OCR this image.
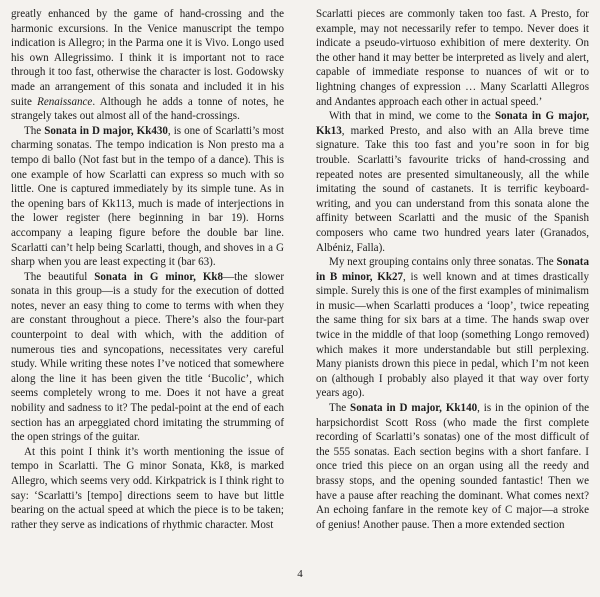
greatly enhanced by the game of hand-crossing and the harmonic excursions. In the Venice manuscript the tempo indication is Allegro; in the Parma one it is Vivo. Longo used his own Allegrissimo. I think it is important not to race through it too fast, otherwise the character is lost. Godowsky made an arrangement of this sonata and included it in his suite Renaissance. Although he adds a tonne of notes, he strangely takes out almost all of the hand-crossings.

The Sonata in D major, Kk430, is one of Scarlatti’s most charming sonatas. The tempo indication is Non presto ma a tempo di ballo (Not fast but in the tempo of a dance). This is one example of how Scarlatti can express so much with so little. One is captured immediately by its simple tune. As in the opening bars of Kk113, much is made of interjections in the lower register (here beginning in bar 19). Horns accompany a leaping figure before the double bar line. Scarlatti can’t help being Scarlatti, though, and shoves in a G sharp when you are least expecting it (bar 63).

The beautiful Sonata in G minor, Kk8—the slower sonata in this group—is a study for the execution of dotted notes, never an easy thing to come to terms with when they are constant throughout a piece. There’s also the four-part counterpoint to deal with which, with the addition of numerous ties and syncopations, necessitates very careful study. While writing these notes I’ve noticed that somewhere along the line it has been given the title ‘Bucolic’, which seems completely wrong to me. Does it not have a great nobility and sadness to it? The pedal-point at the end of each section has an arpeggiated chord imitating the strumming of the open strings of the guitar.

At this point I think it’s worth mentioning the issue of tempo in Scarlatti. The G minor Sonata, Kk8, is marked Allegro, which seems very odd. Kirkpatrick is I think right to say: ‘Scarlatti’s [tempo] directions seem to have but little bearing on the actual speed at which the piece is to be taken; rather they serve as indications of rhythmic character. Most

Scarlatti pieces are commonly taken too fast. A Presto, for example, may not necessarily refer to tempo. Never does it indicate a pseudo-virtuoso exhibition of mere dexterity. On the other hand it may better be interpreted as lively and alert, capable of immediate response to nuances of wit or to lightning changes of expression … Many Scarlatti Allegros and Andantes approach each other in actual speed.’

With that in mind, we come to the Sonata in G major, Kk13, marked Presto, and also with an Alla breve time signature. Take this too fast and you’re soon in for big trouble. Scarlatti’s favourite tricks of hand-crossing and repeated notes are presented simultaneously, all the while imitating the sound of castanets. It is terrific keyboard-writing, and you can understand from this sonata alone the affinity between Scarlatti and the music of the Spanish composers who came two hundred years later (Granados, Albéniz, Falla).

My next grouping contains only three sonatas. The Sonata in B minor, Kk27, is well known and at times drastically simple. Surely this is one of the first examples of minimalism in music—when Scarlatti produces a ‘loop’, twice repeating the same thing for six bars at a time. The hands swap over twice in the middle of that loop (something Longo removed) which makes it more understandable but still perplexing. Many pianists drown this piece in pedal, which I’m not keen on (although I probably also played it that way over forty years ago).

The Sonata in D major, Kk140, is in the opinion of the harpsichordist Scott Ross (who made the first complete recording of Scarlatti’s sonatas) one of the most difficult of the 555 sonatas. Each section begins with a short fanfare. I once tried this piece on an organ using all the reedy and brassy stops, and the opening sounded fantastic! Then we have a pause after reaching the dominant. What comes next? An echoing fanfare in the remote key of C major—a stroke of genius! Another pause. Then a more extended section

4
